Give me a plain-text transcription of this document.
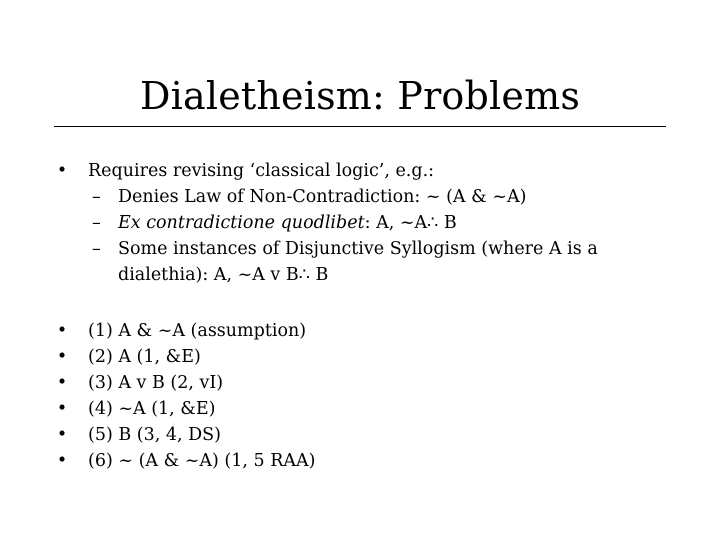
Dialetheism: Problems
• Requires revising ‘classical logic’, e.g.:
– Denies Law of Non-Contradiction: ~ (A & ~A)
– Ex contradictione quodlibet: A, ~A∴ B
– Some instances of Disjunctive Syllogism (where A is a dialethia): A, ~A v B∴ B
• (1) A & ~A (assumption)
• (2) A (1, &E)
• (3) A v B (2, vI)
• (4) ~A (1, &E)
• (5) B (3, 4, DS)
• (6) ~ (A & ~A) (1, 5 RAA)
